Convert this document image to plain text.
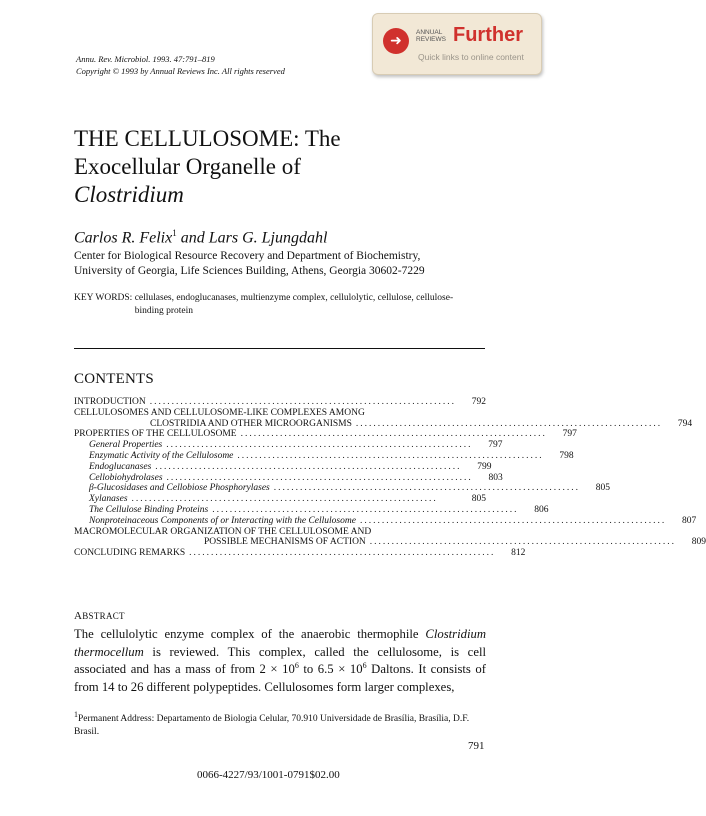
Annu. Rev. Microbiol. 1993. 47:791–819
Copyright © 1993 by Annual Reviews Inc. All rights reserved
➜
ANNUAL
REVIEWS Further
Quick links to online content
THE CELLULOSOME: The
Exocellular Organelle of
Clostridium
Carlos R. Felix$^1$ and Lars G. Ljungdahl
Center for Biological Resource Recovery and Department of Biochemistry,
University of Georgia, Life Sciences Building, Athens, Georgia 30602-7229
KEY WORDS: cellulases, endoglucanases, multienzyme complex, cellulolytic, cellulose, cellulose-binding protein
CONTENTS
INTRODUCTION ......................................................................	792
CELLULOSOMES AND CELLULOSOME-LIKE COMPLEXES AMONG
CLOSTRIDIA AND OTHER MICROORGANISMS ......................................................................	794
PROPERTIES OF THE CELLULOSOME ......................................................................	797
General Properties ......................................................................	797
Enzymatic Activity of the Cellulosome ......................................................................	798
Endoglucanases ......................................................................	799
Cellobiohydrolases ......................................................................	803
β-Glucosidases and Cellobiose Phosphorylases ......................................................................	805
Xylanases ......................................................................	805
The Cellulose Binding Proteins ......................................................................	806
Nonproteinaceous Components of or Interacting with the Cellulosome ......................................................................	807
MACROMOLECULAR ORGANIZATION OF THE CELLULOSOME AND
POSSIBLE MECHANISMS OF ACTION ......................................................................	809
CONCLUDING REMARKS ......................................................................	812
ABSTRACT
The cellulolytic enzyme complex of the anaerobic thermophile Clostridium thermocellum is reviewed. This complex, called the cellulosome, is cell associated and has a mass of from $2 \times 10^6$ to $6.5 \times 10^6$ Daltons. It consists of from 14 to 26 different polypeptides. Cellulosomes form larger complexes,
$^1$Permanent Address: Departamento de Biologia Celular, 70.910 Universidade de Brasília, Brasília, D.F. Brasil.
791
0066-4227/93/1001-0791$02.00
